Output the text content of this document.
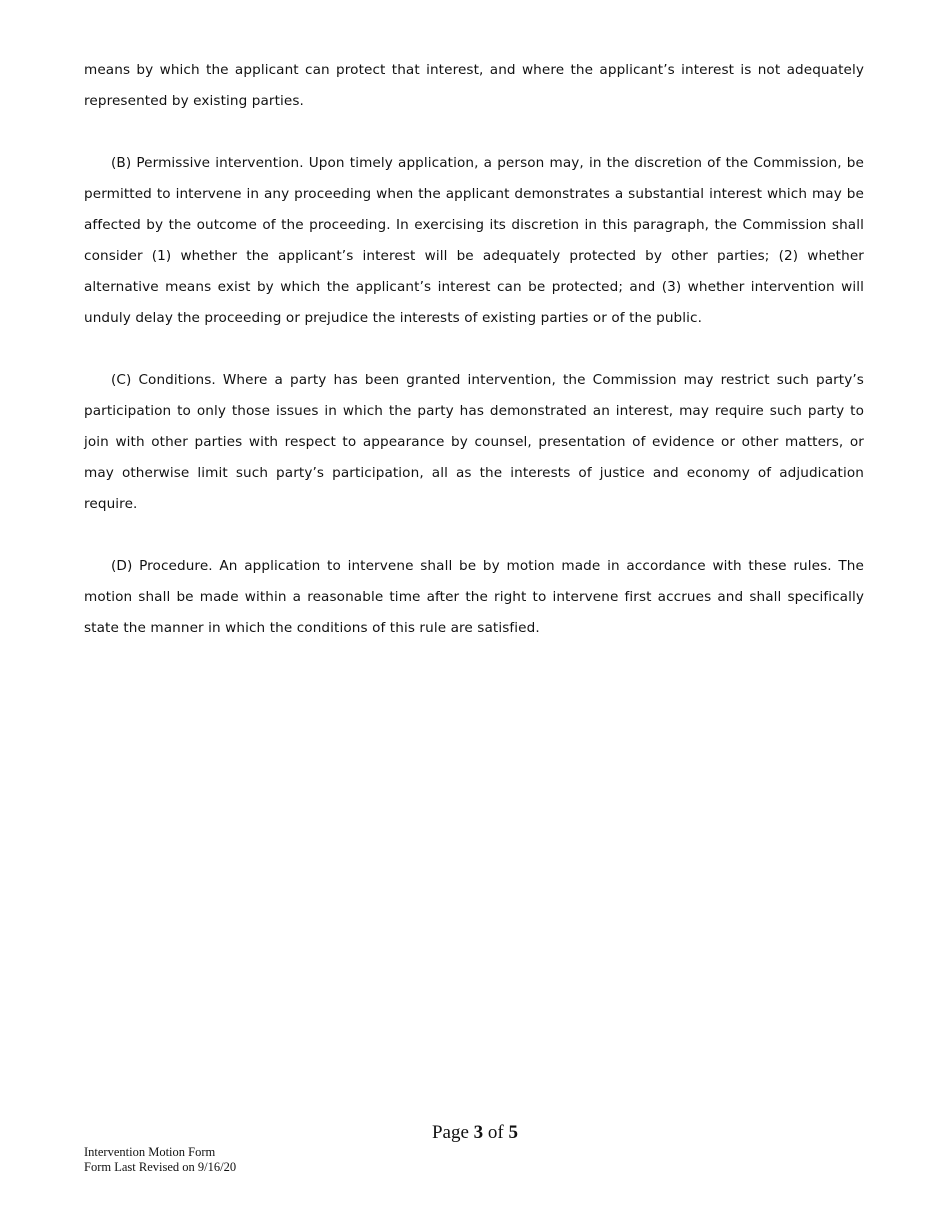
means by which the applicant can protect that interest, and where the applicant’s interest is not adequately represented by existing parties.

(B) Permissive intervention. Upon timely application, a person may, in the discretion of the Commission, be permitted to intervene in any proceeding when the applicant demonstrates a substantial interest which may be affected by the outcome of the proceeding. In exercising its discretion in this paragraph, the Commission shall consider (1) whether the applicant’s interest will be adequately protected by other parties; (2) whether alternative means exist by which the applicant’s interest can be protected; and (3) whether intervention will unduly delay the proceeding or prejudice the interests of existing parties or of the public.

(C) Conditions. Where a party has been granted intervention, the Commission may restrict such party’s participation to only those issues in which the party has demonstrated an interest, may require such party to join with other parties with respect to appearance by counsel, presentation of evidence or other matters, or may otherwise limit such party’s participation, all as the interests of justice and economy of adjudication require.

(D) Procedure. An application to intervene shall be by motion made in accordance with these rules. The motion shall be made within a reasonable time after the right to intervene first accrues and shall specifically state the manner in which the conditions of this rule are satisfied.

Page 3 of 5
Intervention Motion Form
Form Last Revised on 9/16/20
